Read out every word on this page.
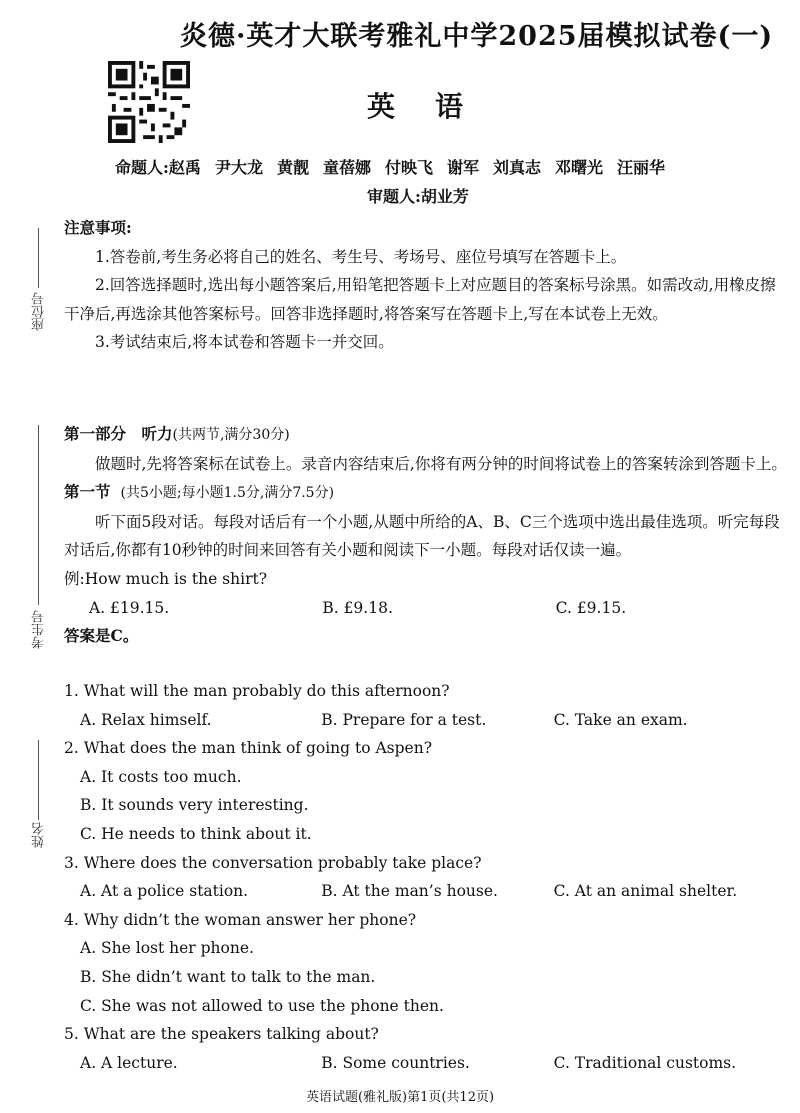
炎德·英才大联考雅礼中学2025届模拟试卷(一)
英语
命题人:赵禹 尹大龙 黄靓 童蓓娜 付映飞 谢军 刘真志 邓曙光 汪丽华
审题人:胡业芳
座位号
考生号
姓名
注意事项:
1.答卷前,考生务必将自己的姓名、考生号、考场号、座位号填写在答题卡上。
2.回答选择题时,选出每小题答案后,用铅笔把答题卡上对应题目的答案标号涂黑。如需改动,用橡皮擦干净后,再选涂其他答案标号。回答非选择题时,将答案写在答题卡上,写在本试卷上无效。
3.考试结束后,将本试卷和答题卡一并交回。
第一部分　听力(共两节,满分30分)
做题时,先将答案标在试卷上。录音内容结束后,你将有两分钟的时间将试卷上的答案转涂到答题卡上。
第一节 (共5小题;每小题1.5分,满分7.5分)
听下面5段对话。每段对话后有一个小题,从题中所给的A、B、C三个选项中选出最佳选项。听完每段对话后,你都有10秒钟的时间来回答有关小题和阅读下一小题。每段对话仅读一遍。
例:How much is the shirt?
A. £19.15.	B. £9.18.	C. £9.15.
答案是C。
1. What will the man probably do this afternoon?
A. Relax himself.	B. Prepare for a test.	C. Take an exam.
2. What does the man think of going to Aspen?
A. It costs too much.
B. It sounds very interesting.
C. He needs to think about it.
3. Where does the conversation probably take place?
A. At a police station.	B. At the man’s house.	C. At an animal shelter.
4. Why didn’t the woman answer her phone?
A. She lost her phone.
B. She didn’t want to talk to the man.
C. She was not allowed to use the phone then.
5. What are the speakers talking about?
A. A lecture.	B. Some countries.	C. Traditional customs.
英语试题(雅礼版)第1页(共12页)
